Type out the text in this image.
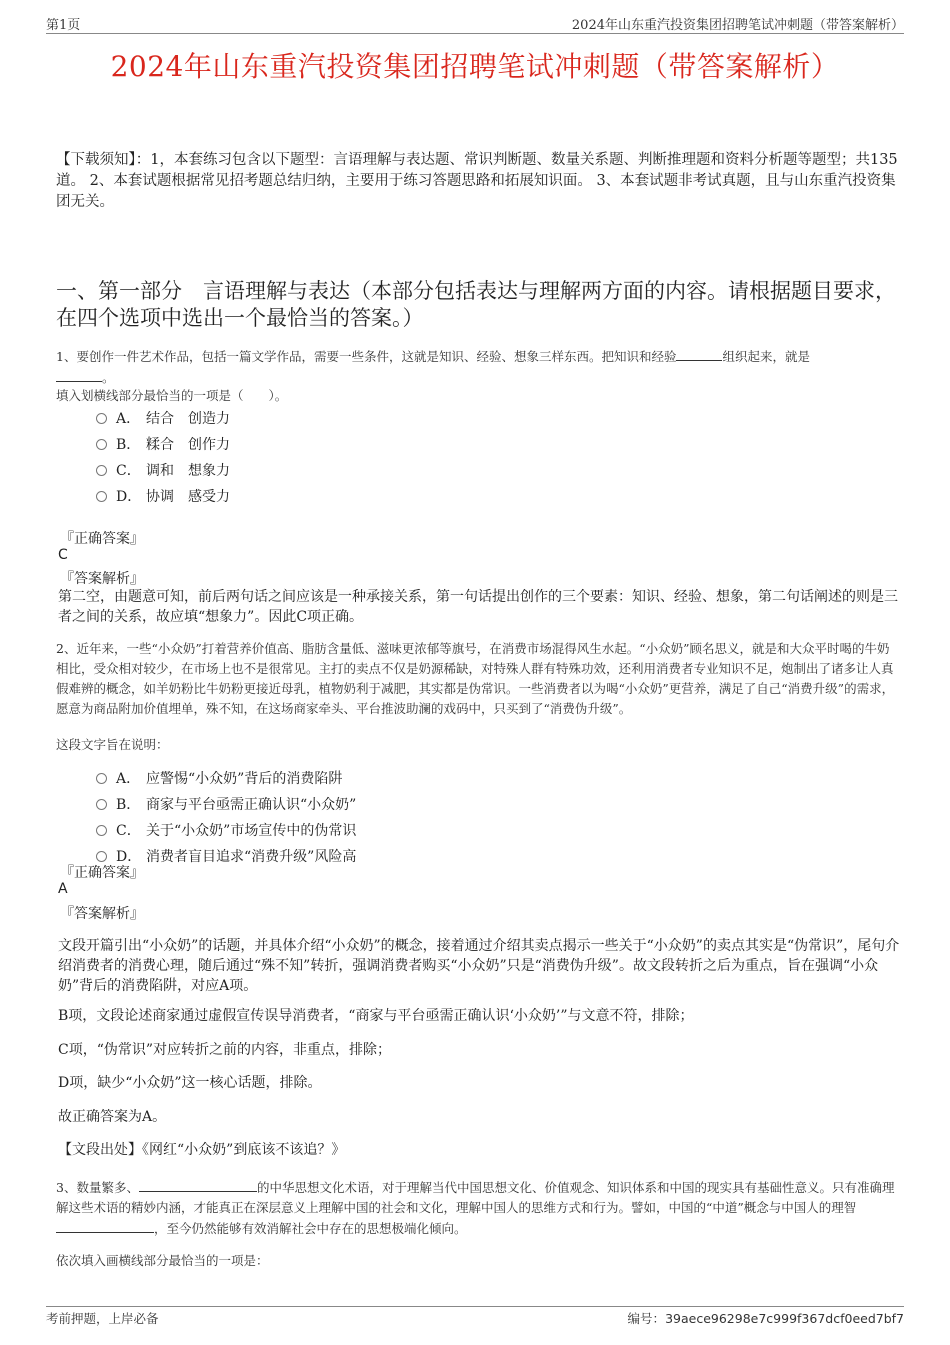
第1页	2024年山东重汽投资集团招聘笔试冲刺题（带答案解析）
2024年山东重汽投资集团招聘笔试冲刺题（带答案解析）
【下载须知】：1，本套练习包含以下题型：言语理解与表达题、常识判断题、数量关系题、判断推理题和资料分析题等题型；共135道。 2、本套试题根据常见招考题总结归纳，主要用于练习答题思路和拓展知识面。 3、本套试题非考试真题，且与山东重汽投资集团无关。
一、第一部分　言语理解与表达（本部分包括表达与理解两方面的内容。请根据题目要求，在四个选项中选出一个最恰当的答案。）
1、要创作一件艺术作品，包括一篇文学作品，需要一些条件，这就是知识、经验、想象三样东西。把知识和经验	组织起来，就是
。
填入划横线部分最恰当的一项是（　　）。
A． 结合　创造力
B． 糅合　创作力
C． 调和　想象力
D． 协调　感受力
『正确答案』
C
『答案解析』
第二空，由题意可知，前后两句话之间应该是一种承接关系，第一句话提出创作的三个要素：知识、经验、想象，第二句话阐述的则是三者之间的关系，故应填“想象力”。因此C项正确。
2、近年来，一些“小众奶”打着营养价值高、脂肪含量低、滋味更浓郁等旗号，在消费市场混得风生水起。“小众奶”顾名思义，就是和大众平时喝的牛奶相比，受众相对较少，在市场上也不是很常见。主打的卖点不仅是奶源稀缺，对特殊人群有特殊功效，还利用消费者专业知识不足，炮制出了诸多让人真假难辨的概念，如羊奶粉比牛奶粉更接近母乳，植物奶利于减肥，其实都是伪常识。一些消费者以为喝“小众奶”更营养，满足了自己“消费升级”的需求，愿意为商品附加价值埋单，殊不知，在这场商家牵头、平台推波助澜的戏码中，只买到了“消费伪升级”。
这段文字旨在说明：
A． 应警惕“小众奶”背后的消费陷阱
B． 商家与平台亟需正确认识“小众奶”
C． 关于“小众奶”市场宣传中的伪常识
D． 消费者盲目追求“消费升级”风险高
『正确答案』
A
『答案解析』
文段开篇引出“小众奶”的话题，并具体介绍“小众奶”的概念，接着通过介绍其卖点揭示一些关于“小众奶”的卖点其实是“伪常识”，尾句介绍消费者的消费心理，随后通过“殊不知”转折，强调消费者购买“小众奶”只是“消费伪升级”。故文段转折之后为重点，旨在强调“小众奶”背后的消费陷阱，对应A项。
B项，文段论述商家通过虚假宣传误导消费者，“商家与平台亟需正确认识‘小众奶’”与文意不符，排除；
C项，“伪常识”对应转折之前的内容，非重点，排除；
D项，缺少“小众奶”这一核心话题，排除。
故正确答案为A。
【文段出处】《网红“小众奶”到底该不该追？》
3、数量繁多、	的中华思想文化术语，对于理解当代中国思想文化、价值观念、知识体系和中国的现实具有基础性意义。只有准确理解这些术语的精妙内涵，才能真正在深层意义上理解中国的社会和文化，理解中国人的思维方式和行为。譬如，中国的“中道”概念与中国人的理智，至今仍然能够有效消解社会中存在的思想极端化倾向。
依次填入画横线部分最恰当的一项是：
考前押题，上岸必备	编号：39aece96298e7c999f367dcf0eed7bf7
